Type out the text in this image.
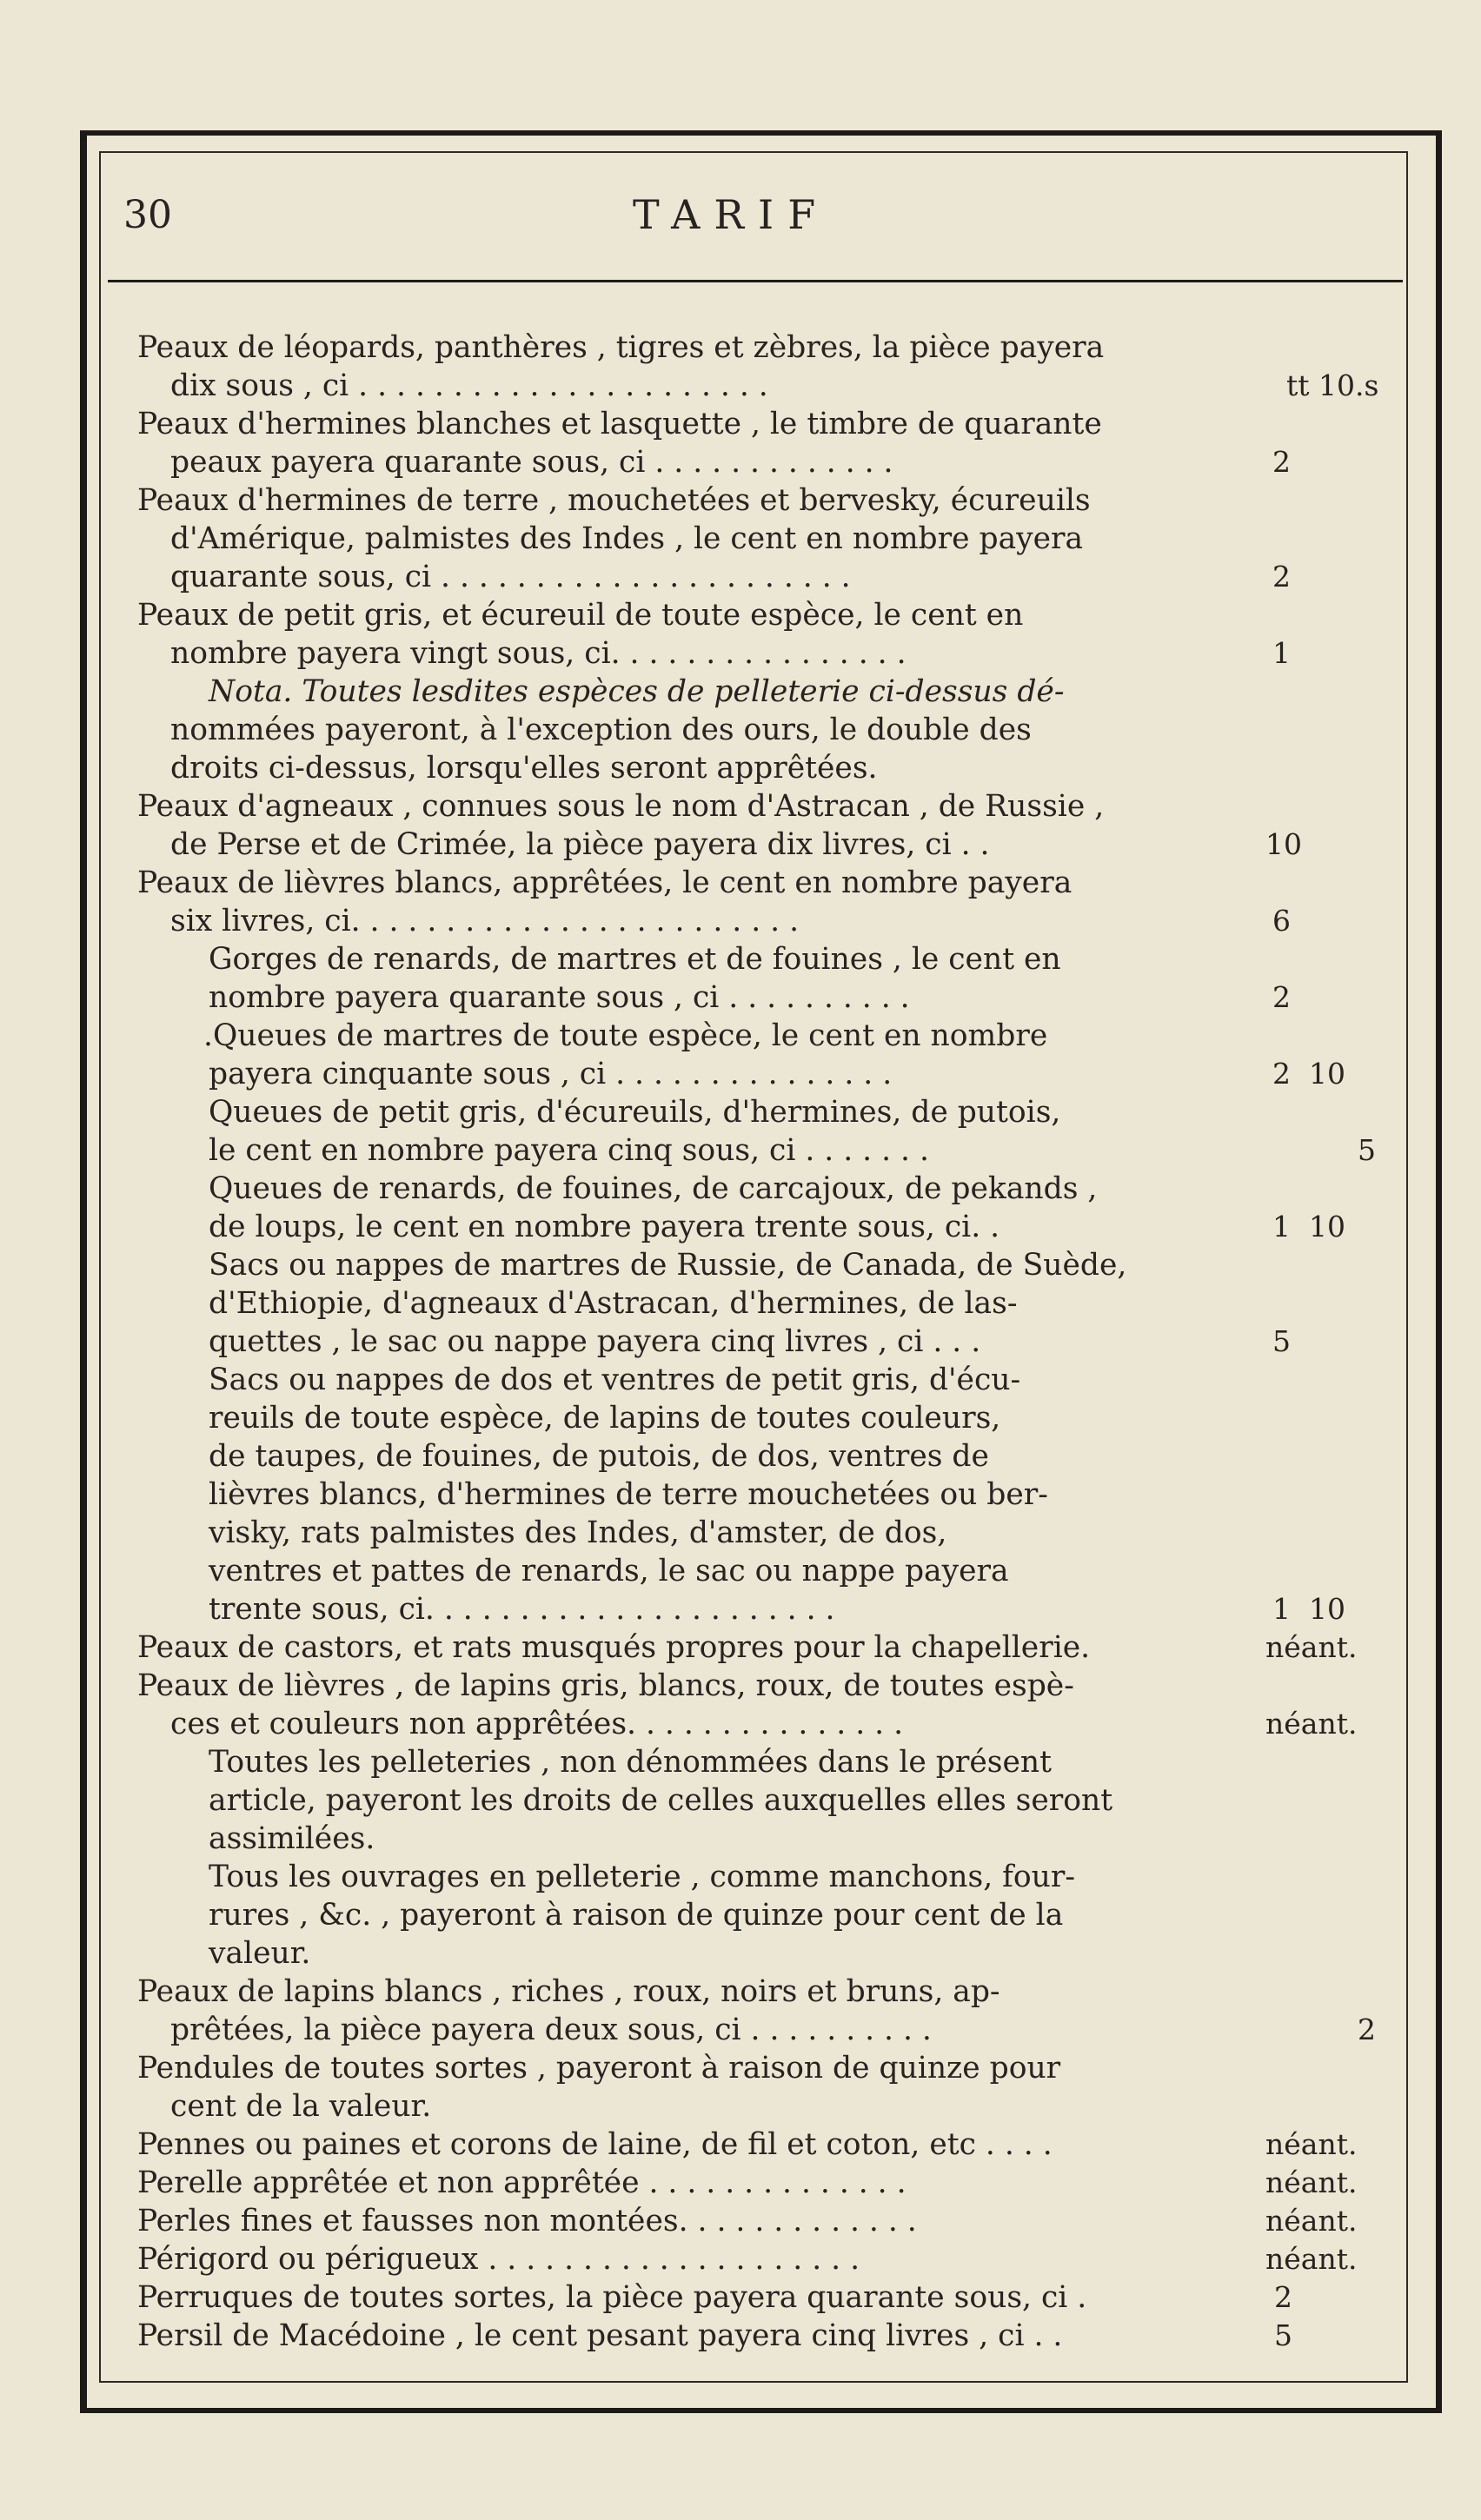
30	TARIF
Peaux de léopards, panthères , tigres et zèbres, la pièce payera
dix sous , ci . . . . . . . . . . . . . . . . . . . . . .
Peaux d'hermines blanches et lasquette , le timbre de quarante
peaux payera quarante sous, ci . . . . . . . . . . . . .
Peaux d'hermines de terre , mouchetées et bervesky, écureuils
d'Amérique, palmistes des Indes , le cent en nombre payera
quarante sous, ci . . . . . . . . . . . . . . . . . . . . . .
Peaux de petit gris, et écureuil de toute espèce, le cent en
nombre payera vingt sous, ci. . . . . . . . . . . . . . . .
Nota. Toutes lesdites espèces de pelleterie ci-dessus dé-
nommées payeront, à l'exception des ours, le double des
droits ci-dessus, lorsqu'elles seront apprêtées.
Peaux d'agneaux , connues sous le nom d'Astracan , de Russie ,
de Perse et de Crimée, la pièce payera dix livres, ci . .
Peaux de lièvres blancs, apprêtées, le cent en nombre payera
six livres, ci. . . . . . . . . . . . . . . . . . . . . . . .
Gorges de renards, de martres et de fouines , le cent en
nombre payera quarante sous , ci . . . . . . . . . .
.Queues de martres de toute espèce, le cent en nombre
payera cinquante sous , ci . . . . . . . . . . . . . . .
Queues de petit gris, d'écureuils, d'hermines, de putois,
le cent en nombre payera cinq sous, ci . . . . . . .
Queues de renards, de fouines, de carcajoux, de pekands ,
de loups, le cent en nombre payera trente sous, ci. .
Sacs ou nappes de martres de Russie, de Canada, de Suède,
d'Ethiopie, d'agneaux d'Astracan, d'hermines, de las-
quettes , le sac ou nappe payera cinq livres , ci . . .
Sacs ou nappes de dos et ventres de petit gris, d'écu-
reuils de toute espèce, de lapins de toutes couleurs,
de taupes, de fouines, de putois, de dos, ventres de
lièvres blancs, d'hermines de terre mouchetées ou ber-
visky, rats palmistes des Indes, d'amster, de dos,
ventres et pattes de renards, le sac ou nappe payera
trente sous, ci. . . . . . . . . . . . . . . . . . . . . .
Peaux de castors, et rats musqués propres pour la chapellerie.
Peaux de lièvres , de lapins gris, blancs, roux, de toutes espè-
ces et couleurs non apprêtées. . . . . . . . . . . . . . .
Toutes les pelleteries , non dénommées dans le présent
article, payeront les droits de celles auxquelles elles seront
assimilées.
Tous les ouvrages en pelleterie , comme manchons, four-
rures , &c. , payeront à raison de quinze pour cent de la
valeur.
Peaux de lapins blancs , riches , roux, noirs et bruns, ap-
prêtées, la pièce payera deux sous, ci . . . . . . . . . .
Pendules de toutes sortes , payeront à raison de quinze pour
cent de la valeur.
Pennes ou paines et corons de laine, de fil et coton, etc . . . .
Perelle apprêtée et non apprêtée . . . . . . . . . . . . . .
Perles fines et fausses non montées. . . . . . . . . . . . .
Périgord ou périgueux . . . . . . . . . . . . . . . . . . . .
Perruques de toutes sortes, la pièce payera quarante sous, ci .
Persil de Macédoine , le cent pesant payera cinq livres , ci . .
tt 10.s
2
2
1
10
6
2
2  10
5
1  10
5
1  10
néant.
néant.
2
néant.
néant.
néant.
néant.
2
5
